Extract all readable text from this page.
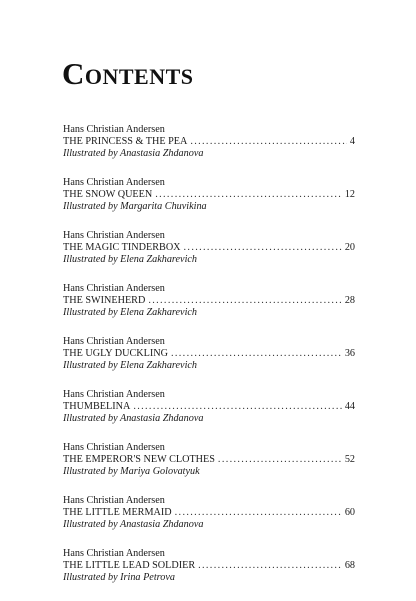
Contents
Hans Christian Andersen
THE PRINCESS & THE PEA . . .	4
Illustrated by Anastasia Zhdanova
Hans Christian Andersen
THE SNOW QUEEN . . .	12
Illustrated by Margarita Chuvikina
Hans Christian Andersen
THE MAGIC TINDERBOX . . .	20
Illustrated by Elena Zakharevich
Hans Christian Andersen
THE SWINEHERD . . .	28
Illustrated by Elena Zakharevich
Hans Christian Andersen
THE UGLY DUCKLING . . .	36
Illustrated by Elena Zakharevich
Hans Christian Andersen
THUMBELINA . . .	44
Illustrated by Anastasia Zhdanova
Hans Christian Andersen
THE EMPEROR'S NEW CLOTHES . . .	52
Illustrated by Mariya Golovatyuk
Hans Christian Andersen
THE LITTLE MERMAID . . .	60
Illustrated by Anastasia Zhdanova
Hans Christian Andersen
THE LITTLE LEAD SOLDIER . . .	68
Illustrated by Irina Petrova
